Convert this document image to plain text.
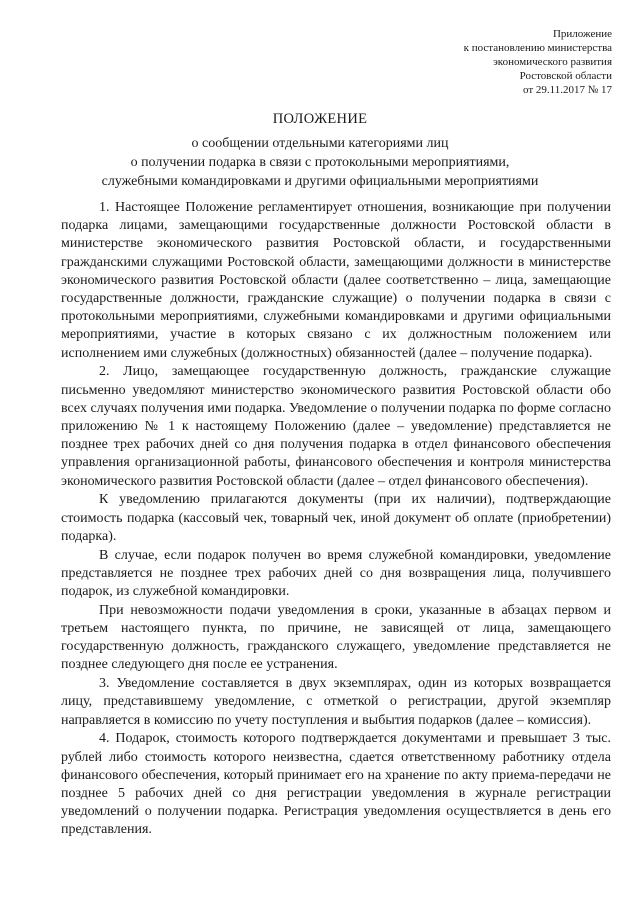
Приложение
к постановлению министерства
экономического развития
Ростовской области
от 29.11.2017 № 17
ПОЛОЖЕНИЕ
о сообщении отдельными категориями лиц
о получении подарка в связи с протокольными мероприятиями,
служебными командировками и другими официальными мероприятиями

1. Настоящее Положение регламентирует отношения, возникающие при получении подарка лицами, замещающими государственные должности Ростовской области в министерстве экономического развития Ростовской области, и государственными гражданскими служащими Ростовской области, замещающими должности в министерстве экономического развития Ростовской области (далее соответственно – лица, замещающие государственные должности, гражданские служащие) о получении подарка в связи с протокольными мероприятиями, служебными командировками и другими официальными мероприятиями, участие в которых связано с их должностным положением или исполнением ими служебных (должностных) обязанностей (далее – получение подарка).

2. Лицо, замещающее государственную должность, гражданские служащие письменно уведомляют министерство экономического развития Ростовской области обо всех случаях получения ими подарка. Уведомление о получении подарка по форме согласно приложению № 1 к настоящему Положению (далее – уведомление) представляется не позднее трех рабочих дней со дня получения подарка в отдел финансового обеспечения управления организационной работы, финансового обеспечения и контроля министерства экономического развития Ростовской области (далее – отдел финансового обеспечения).

К уведомлению прилагаются документы (при их наличии), подтверждающие стоимость подарка (кассовый чек, товарный чек, иной документ об оплате (приобретении) подарка).

В случае, если подарок получен во время служебной командировки, уведомление представляется не позднее трех рабочих дней со дня возвращения лица, получившего подарок, из служебной командировки.

При невозможности подачи уведомления в сроки, указанные в абзацах первом и третьем настоящего пункта, по причине, не зависящей от лица, замещающего государственную должность, гражданского служащего, уведомление представляется не позднее следующего дня после ее устранения.

3. Уведомление составляется в двух экземплярах, один из которых возвращается лицу, представившему уведомление, с отметкой о регистрации, другой экземпляр направляется в комиссию по учету поступления и выбытия подарков (далее – комиссия).

4. Подарок, стоимость которого подтверждается документами и превышает 3 тыс. рублей либо стоимость которого неизвестна, сдается ответственному работнику отдела финансового обеспечения, который принимает его на хранение по акту приема-передачи не позднее 5 рабочих дней со дня регистрации уведомления в журнале регистрации уведомлений о получении подарка. Регистрация уведомления осуществляется в день его представления.
